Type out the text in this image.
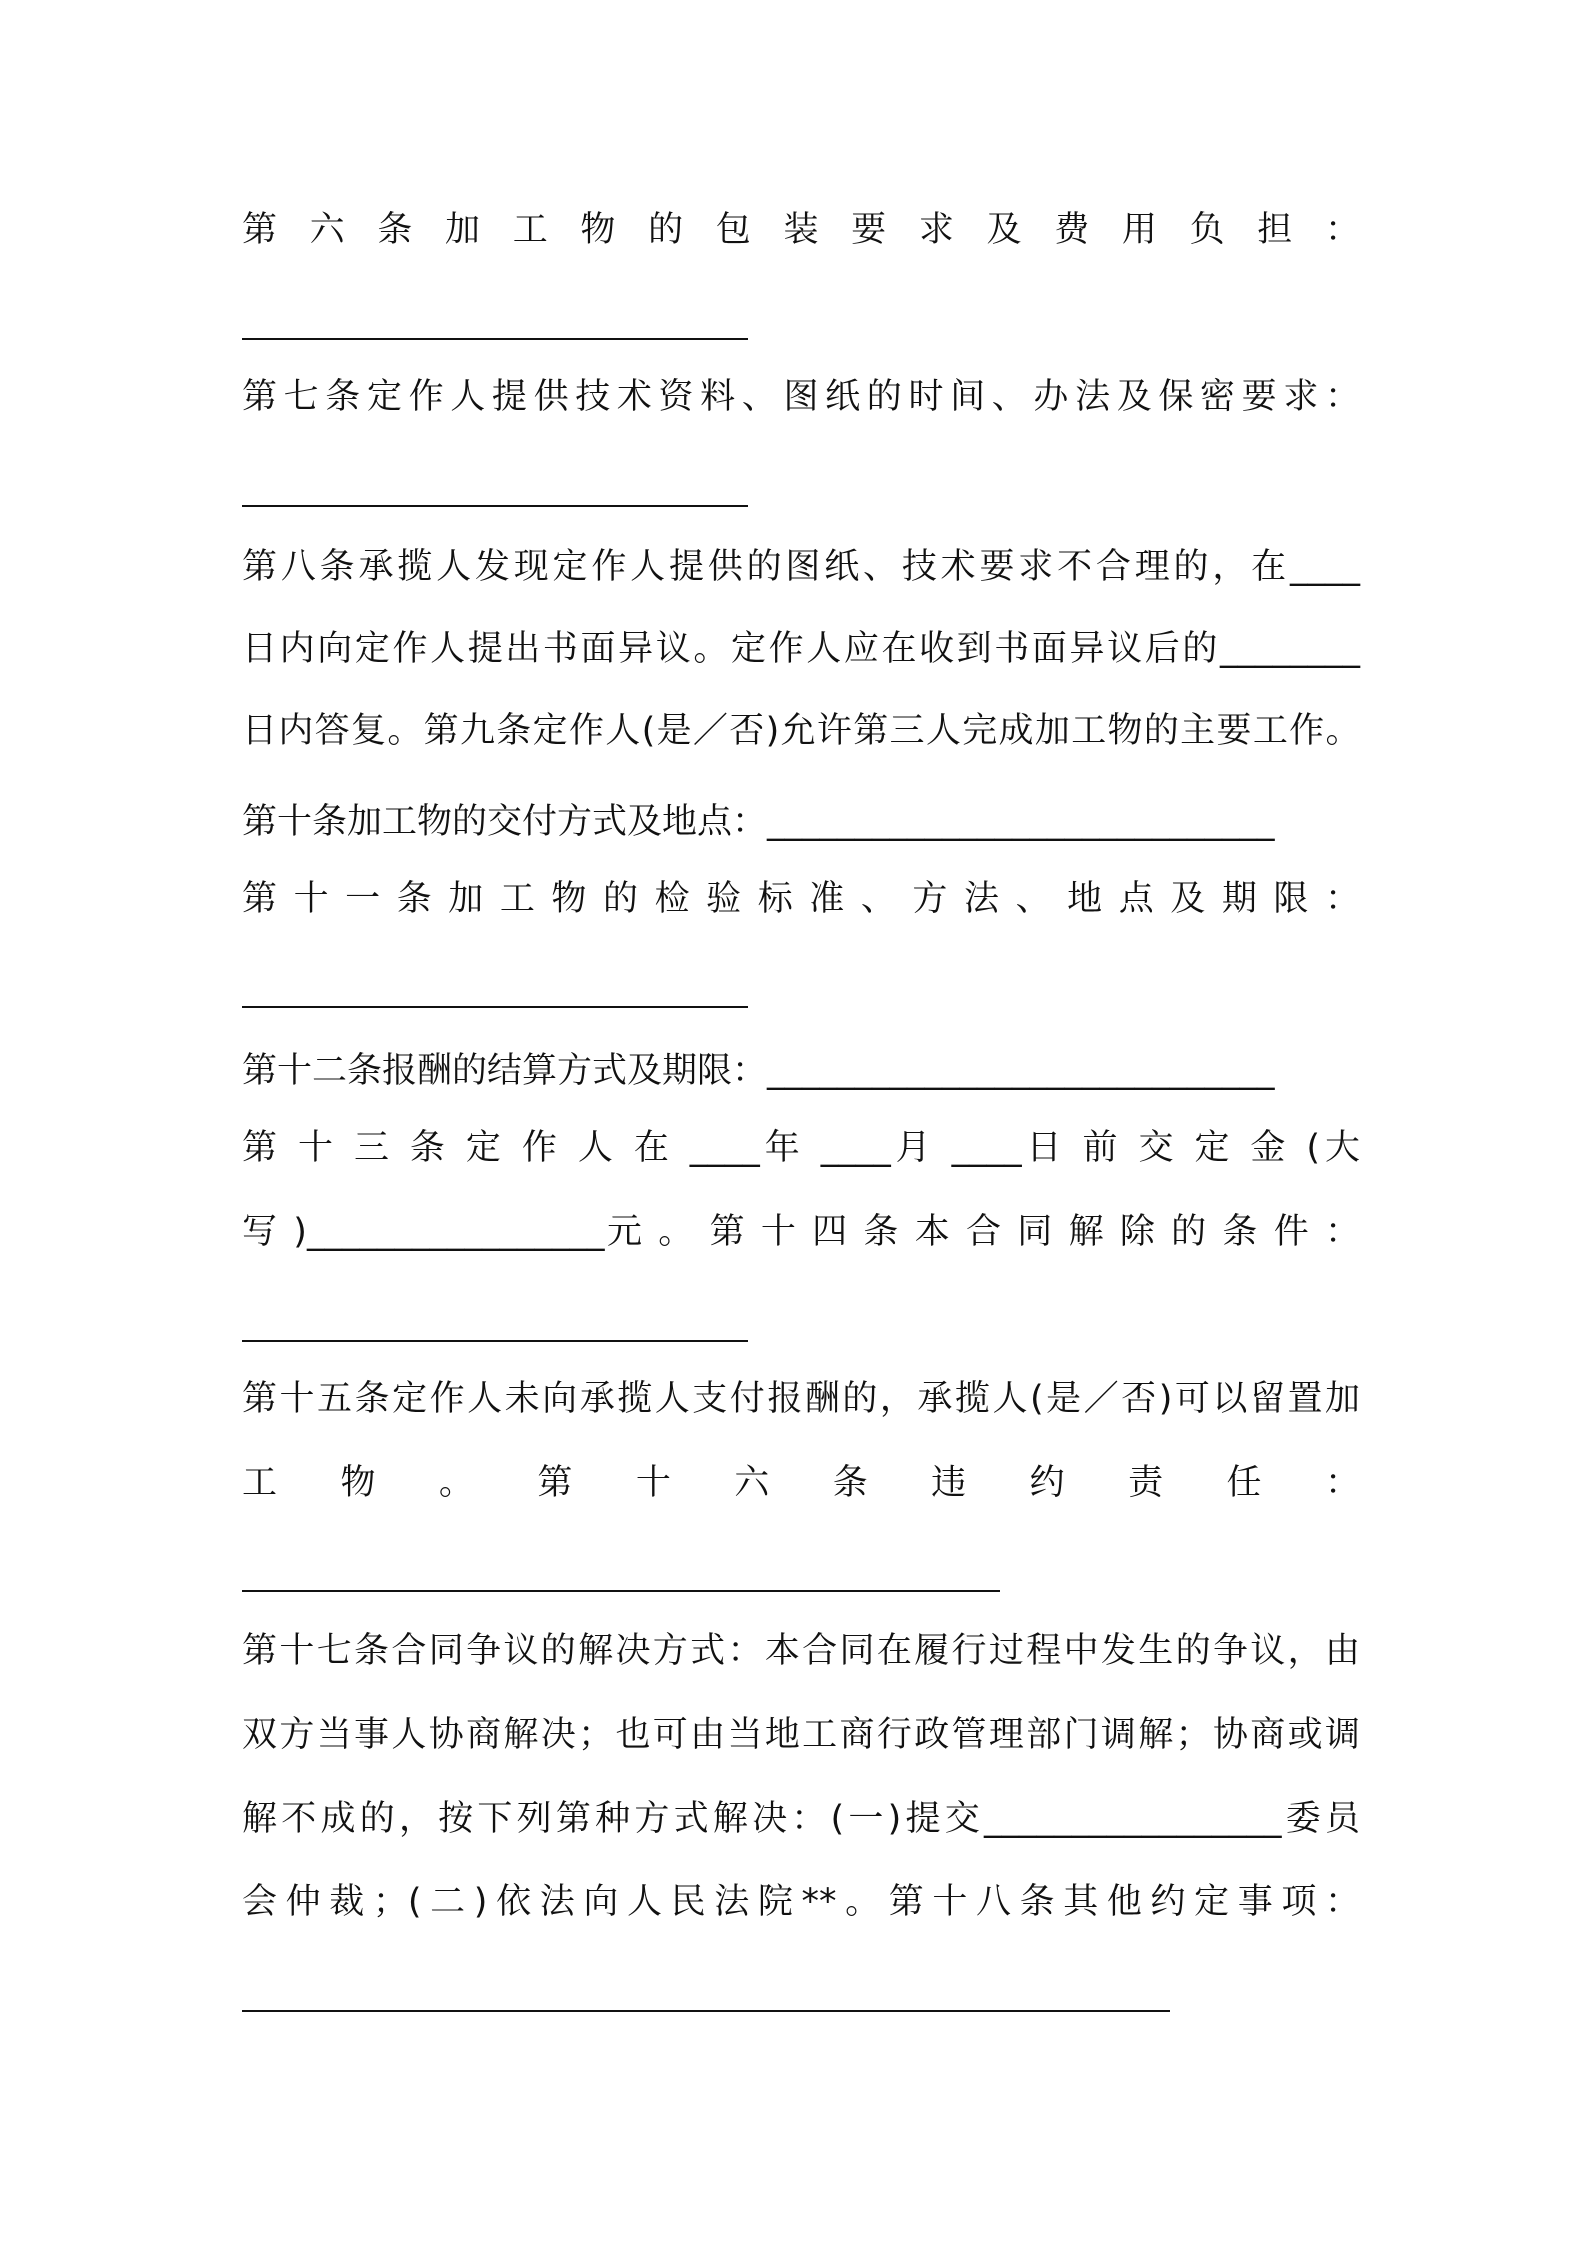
第 六 条 加 工 物 的 包 装 要 求 及 费 用 负 担 ：
第七条定作人提供技术资料、图纸的时间、办法及保密要求：
第八条承揽人发现定作人提供的图纸、技术要求不合理的，在____
日内向定作人提出书面异议。定作人应在收到书面异议后的________
日内答复。第九条定作人(是／否)允许第三人完成加工物的主要工作。
第十条加工物的交付方式及地点：_____________________________
第 十 一 条 加 工 物 的 检 验 标 准 、 方 法 、 地 点 及 期 限 ：
第十二条报酬的结算方式及期限：_____________________________
第 十 三 条 定 作 人 在 ____年 ____月 ____日 前 交 定 金 (大
写 )_________________元 。 第 十 四 条 本 合 同 解 除 的 条 件 ：
第十五条定作人未向承揽人支付报酬的，承揽人(是／否)可以留置加
工 物 。 第 十 六 条 违 约 责 任 ：
第十七条合同争议的解决方式：本合同在履行过程中发生的争议，由
双方当事人协商解决；也可由当地工商行政管理部门调解；协商或调
解不成的，按下列第种方式解决：(一)提交_________________委员
会仲裁；(二)依法向人民法院**。第十八条其他约定事项：
